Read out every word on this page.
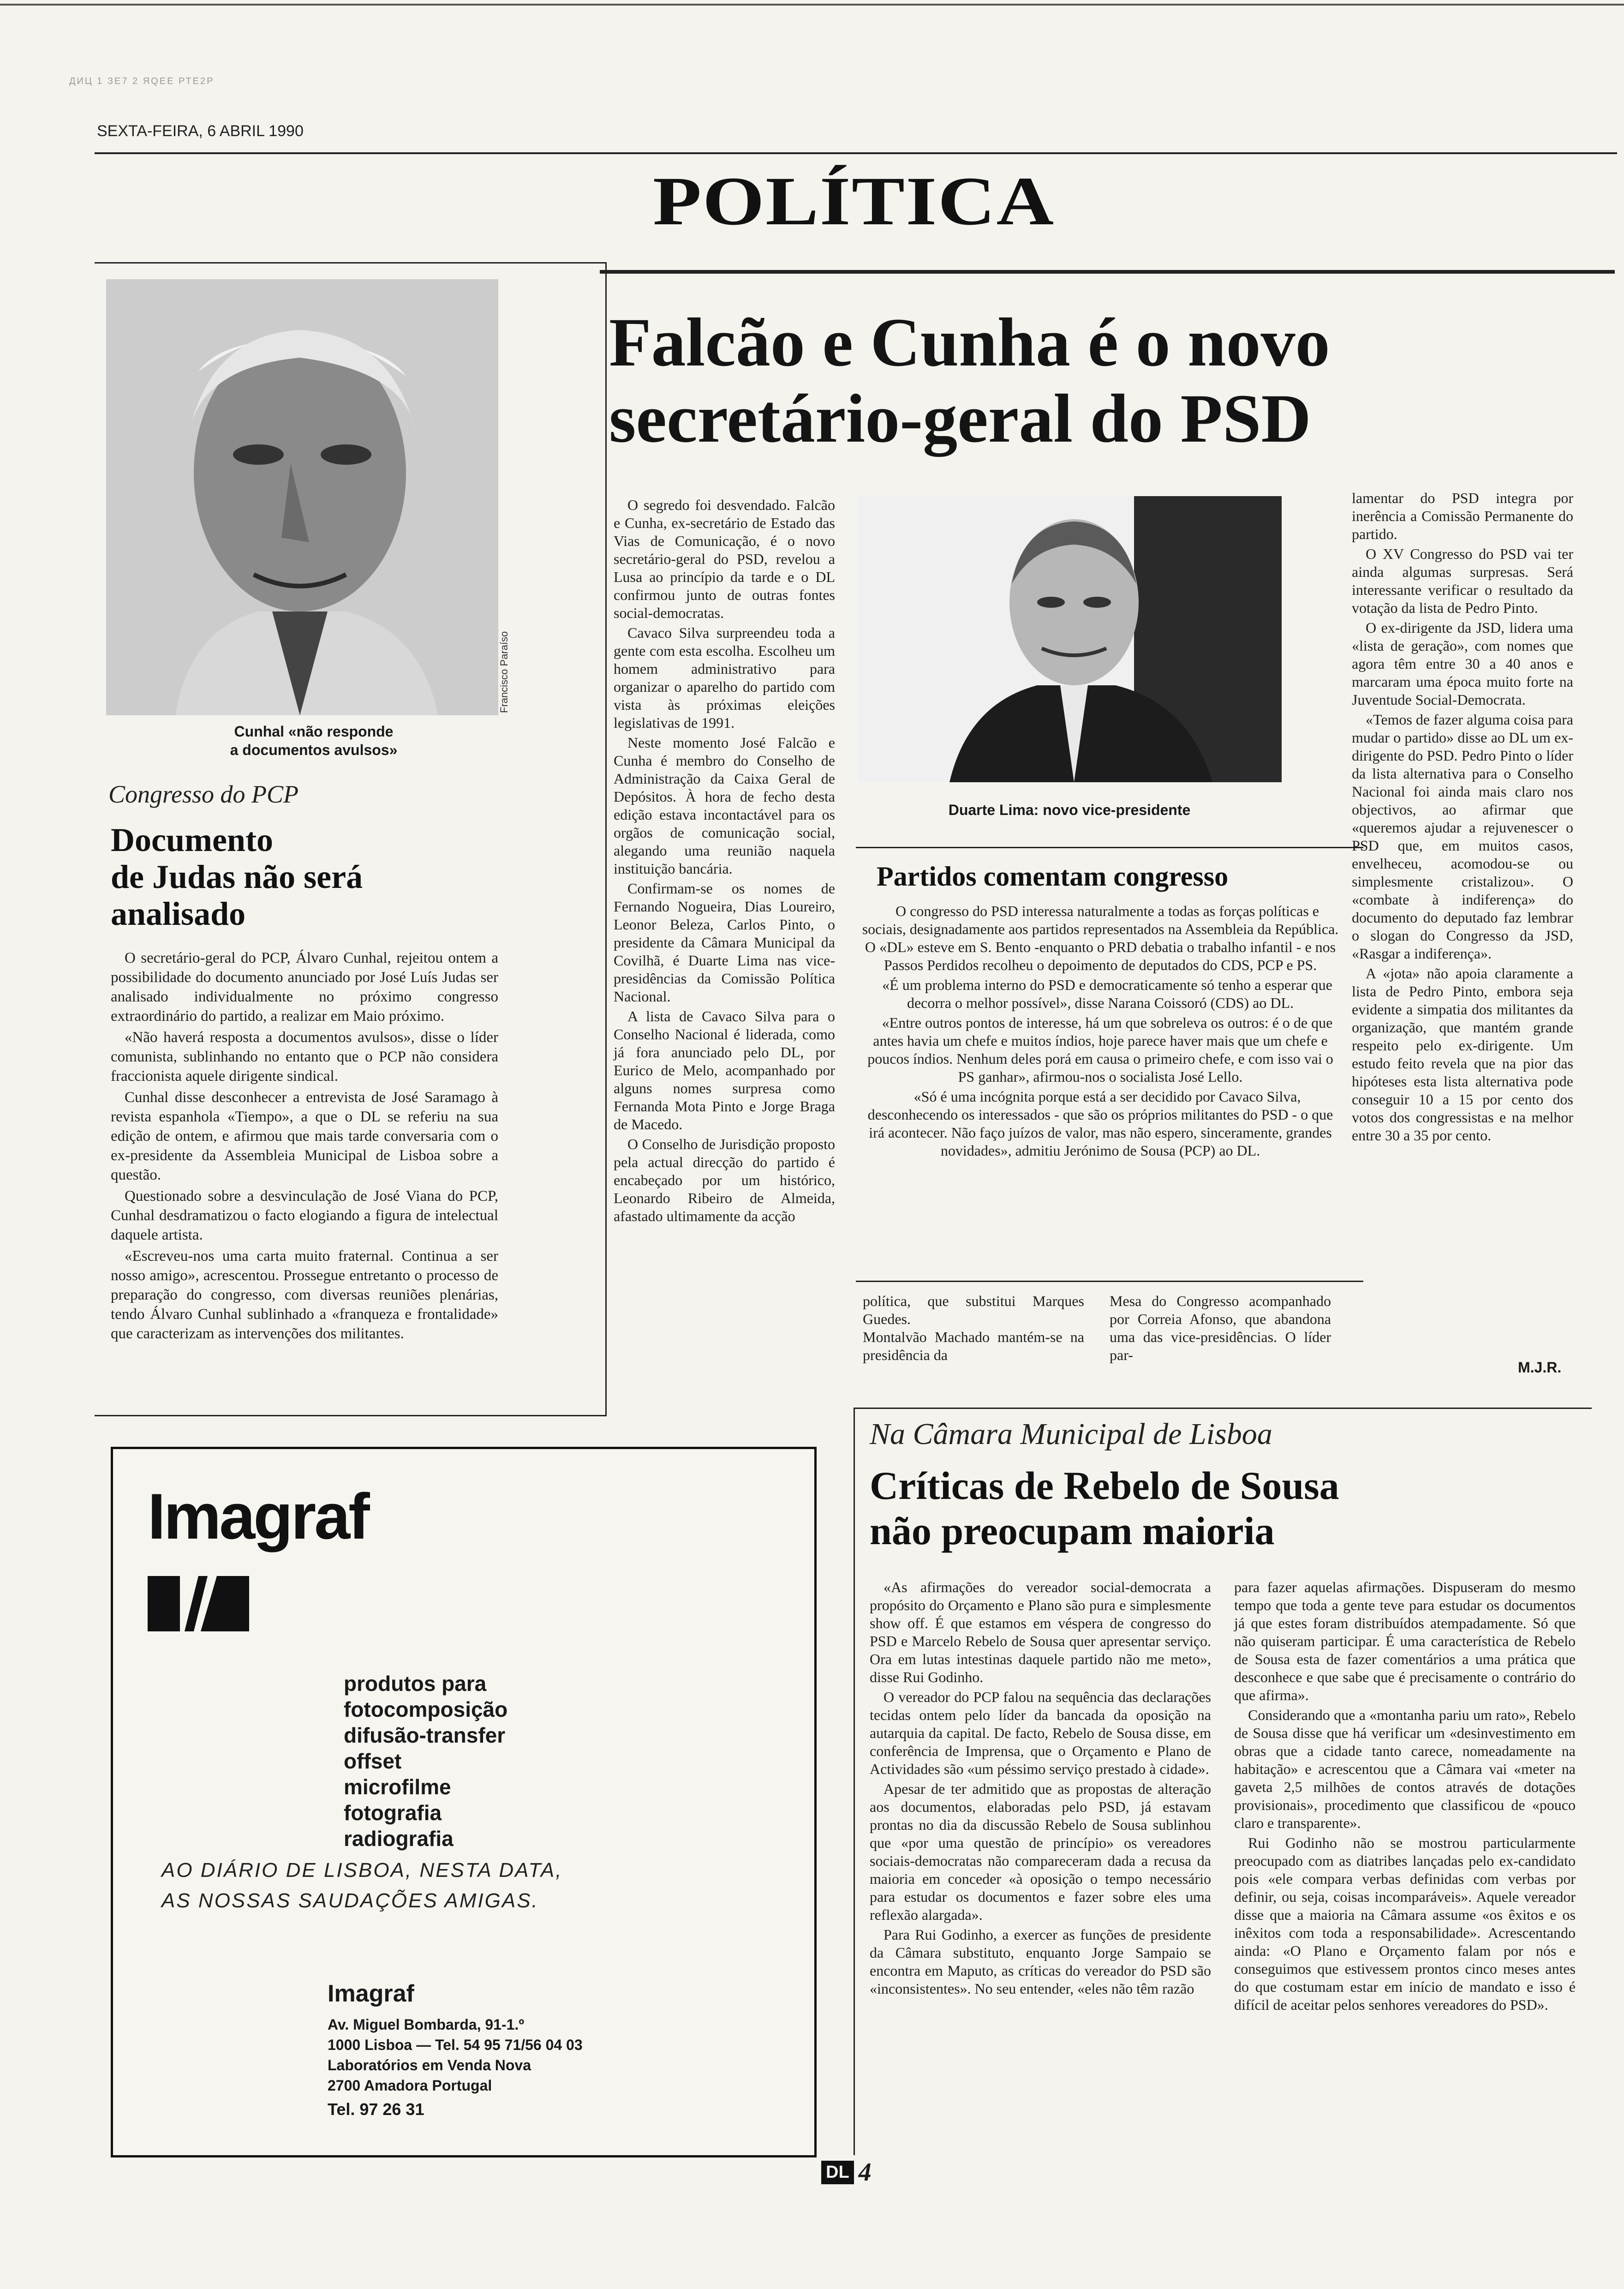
ДИЦ 1 ЗЕ7 2 ЯQЕЕ РТЕ2Р
SEXTA-FEIRA, 6 ABRIL 1990
POLÍTICA
Francisco Paraíso
Cunhal «não responde
a documentos avulsos»
Congresso do PCP
Documento
de Judas não será
analisado

O secretário-geral do PCP, Álvaro Cunhal, rejeitou ontem a possibilidade do documento anunciado por José Luís Judas ser analisado individualmente no próximo congresso extraordinário do partido, a realizar em Maio próximo.

«Não haverá resposta a documentos avulsos», disse o líder comunista, sublinhando no entanto que o PCP não considera fraccionista aquele dirigente sindical.

Cunhal disse desconhecer a entrevista de José Saramago à revista espanhola «Tiempo», a que o DL se referiu na sua edição de ontem, e afirmou que mais tarde conversaria com o ex-presidente da Assembleia Municipal de Lisboa sobre a questão.

Questionado sobre a desvinculação de José Viana do PCP, Cunhal desdramatizou o facto elogiando a figura de intelectual daquele artista.

«Escreveu-nos uma carta muito fraternal. Continua a ser nosso amigo», acrescentou. Prossegue entretanto o processo de preparação do congresso, com diversas reuniões plenárias, tendo Álvaro Cunhal sublinhado a «franqueza e frontalidade» que caracterizam as intervenções dos militantes.

Falcão e Cunha é o novo
secretário-geral do PSD

O segredo foi desvendado. Falcão e Cunha, ex-secretário de Estado das Vias de Comunicação, é o novo secretário-geral do PSD, revelou a Lusa ao princípio da tarde e o DL confirmou junto de outras fontes social-democratas.

Cavaco Silva surpreendeu toda a gente com esta escolha. Escolheu um homem administrativo para organizar o aparelho do partido com vista às próximas eleições legislativas de 1991.

Neste momento José Falcão e Cunha é membro do Conselho de Administração da Caixa Geral de Depósitos. À hora de fecho desta edição estava incontactável para os orgãos de comunicação social, alegando uma reunião naquela instituição bancária.

Confirmam-se os nomes de Fernando Nogueira, Dias Loureiro, Leonor Beleza, Carlos Pinto, o presidente da Câmara Municipal da Covilhã, é Duarte Lima nas vice-presidências da Comissão Política Nacional.

A lista de Cavaco Silva para o Conselho Nacional é liderada, como já fora anunciado pelo DL, por Eurico de Melo, acompanhado por alguns nomes surpresa como Fernanda Mota Pinto e Jorge Braga de Macedo.

O Conselho de Jurisdição proposto pela actual direcção do partido é encabeçado por um histórico, Leonardo Ribeiro de Almeida, afastado ultimamente da acção

Duarte Lima: novo vice-presidente
Partidos comentam congresso

O congresso do PSD interessa naturalmente a todas as forças políticas e sociais, designadamente aos partidos representados na Assembleia da República. O «DL» esteve em S. Bento -enquanto o PRD debatia o trabalho infantil - e nos Passos Perdidos recolheu o depoimento de deputados do CDS, PCP e PS.

«É um problema interno do PSD e democraticamente só tenho a esperar que decorra o melhor possível», disse Narana Coissoró (CDS) ao DL.

«Entre outros pontos de interesse, há um que sobreleva os outros: é o de que antes havia um chefe e muitos índios, hoje parece haver mais que um chefe e poucos índios. Nenhum deles porá em causa o primeiro chefe, e com isso vai o PS ganhar», afirmou-nos o socialista José Lello.

«Só é uma incógnita porque está a ser decidido por Cavaco Silva, desconhecendo os interessados - que são os próprios militantes do PSD - o que irá acontecer. Não faço juízos de valor, mas não espero, sinceramente, grandes novidades», admitiu Jerónimo de Sousa (PCP) ao DL.

política, que substitui Marques Guedes.
Montalvão Machado mantém-se na presidência da
Mesa do Congresso acompanhado por Correia Afonso, que abandona uma das vice-presidências. O líder par-

lamentar do PSD integra por inerência a Comissão Permanente do partido.

O XV Congresso do PSD vai ter ainda algumas surpresas. Será interessante verificar o resultado da votação da lista de Pedro Pinto.

O ex-dirigente da JSD, lidera uma «lista de geração», com nomes que agora têm entre 30 a 40 anos e marcaram uma época muito forte na Juventude Social-Democrata.

«Temos de fazer alguma coisa para mudar o partido» disse ao DL um ex-dirigente do PSD. Pedro Pinto o líder da lista alternativa para o Conselho Nacional foi ainda mais claro nos objectivos, ao afirmar que «queremos ajudar a rejuvenescer o PSD que, em muitos casos, envelheceu, acomodou-se ou simplesmente cristalizou». O «combate à indiferença» do documento do deputado faz lembrar o slogan do Congresso da JSD, «Rasgar a indiferença».

A «jota» não apoia claramente a lista de Pedro Pinto, embora seja evidente a simpatia dos militantes da organização, que mantém grande respeito pelo ex-dirigente. Um estudo feito revela que na pior das hipóteses esta lista alternativa pode conseguir 10 a 15 por cento dos votos dos congressistas e na melhor entre 30 a 35 por cento.

M.J.R.
Imagraf
produtos para
fotocomposição
difusão-transfer
offset
microfilme
fotografia
radiografia
AO DIÁRIO DE LISBOA, NESTA DATA,
AS NOSSAS SAUDAÇÕES AMIGAS.
Imagraf
Av. Miguel Bombarda, 91-1.º
1000 Lisboa — Tel. 54 95 71/56 04 03
Laboratórios em Venda Nova
2700 Amadora Portugal
Tel. 97 26 31
Na Câmara Municipal de Lisboa
Críticas de Rebelo de Sousa
não preocupam maioria

«As afirmações do vereador social-democrata a propósito do Orçamento e Plano são pura e simplesmente show off. É que estamos em véspera de congresso do PSD e Marcelo Rebelo de Sousa quer apresentar serviço. Ora em lutas intestinas daquele partido não me meto», disse Rui Godinho.

O vereador do PCP falou na sequência das declarações tecidas ontem pelo líder da bancada da oposição na autarquia da capital. De facto, Rebelo de Sousa disse, em conferência de Imprensa, que o Orçamento e Plano de Actividades são «um péssimo serviço prestado à cidade».

Apesar de ter admitido que as propostas de alteração aos documentos, elaboradas pelo PSD, já estavam prontas no dia da discussão Rebelo de Sousa sublinhou que «por uma questão de princípio» os vereadores sociais-democratas não compareceram dada a recusa da maioria em conceder «à oposição o tempo necessário para estudar os documentos e fazer sobre eles uma reflexão alargada».

Para Rui Godinho, a exercer as funções de presidente da Câmara substituto, enquanto Jorge Sampaio se encontra em Maputo, as críticas do vereador do PSD são «inconsistentes». No seu entender, «eles não têm razão

para fazer aquelas afirmações. Dispuseram do mesmo tempo que toda a gente teve para estudar os documentos já que estes foram distribuídos atempadamente. Só que não quiseram participar. É uma característica de Rebelo de Sousa esta de fazer comentários a uma prática que desconhece e que sabe que é precisamente o contrário do que afirma».

Considerando que a «montanha pariu um rato», Rebelo de Sousa disse que há verificar um «desinvestimento em obras que a cidade tanto carece, nomeadamente na habitação» e acrescentou que a Câmara vai «meter na gaveta 2,5 milhões de contos através de dotações provisionais», procedimento que classificou de «pouco claro e transparente».

Rui Godinho não se mostrou particularmente preocupado com as diatribes lançadas pelo ex-candidato pois «ele compara verbas definidas com verbas por definir, ou seja, coisas incomparáveis». Aquele vereador disse que a maioria na Câmara assume «os êxitos e os inêxitos com toda a responsabilidade». Acrescentando ainda: «O Plano e Orçamento falam por nós e conseguimos que estivessem prontos cinco meses antes do que costumam estar em início de mandato e isso é difícil de aceitar pelos senhores vereadores do PSD».

DL 4
